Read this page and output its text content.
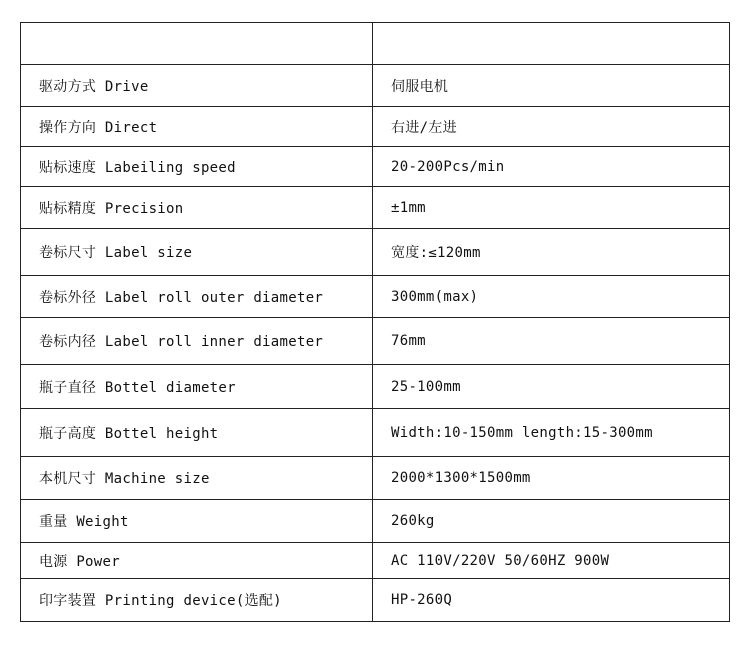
驱动方式 Drive	伺服电机
操作方向 Direct	右进/左进
贴标速度 Labeiling speed	20-200Pcs/min
贴标精度 Precision	±1mm
卷标尺寸 Label size	宽度:≤120mm
卷标外径 Label roll outer diameter	300mm(max)
卷标内径 Label roll inner diameter	76mm
瓶子直径 Bottel diameter	25-100mm
瓶子高度 Bottel height	Width:10-150mm length:15-300mm
本机尺寸 Machine size	2000*1300*1500mm
重量 Weight	260kg
电源 Power	AC 110V/220V 50/60HZ 900W
印字装置 Printing device(选配)	HP-260Q
